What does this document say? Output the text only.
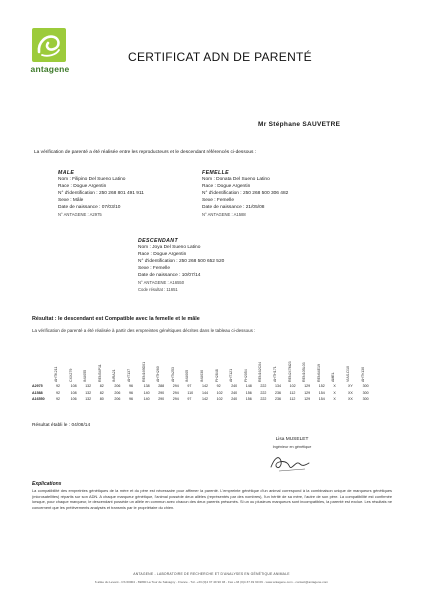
antagene
CERTIFICAT ADN DE PARENTÉ
Mr Stéphane SAUVETRE
La vérification de parenté a été réalisée entre les reproducteurs et le descendant référencés ci-dessous :
MALE
Nom : Filipino Del Sueno Latino
Race : Dogue Argentin
N° d'identification : 250 268 801 491 911
Sexe : Mâle
Date de naissance : 07/03/10
N° ANTAGENE : A2975
FEMELLE
Nom : Donata Del Sueno Latino
Race : Dogue Argentin
N° d'identification : 250 268 500 306 482
Sexe : Femelle
Date de naissance : 21/05/08
N° ANTAGENE : A1588
DESCENDANT
Nom : Joya Del Sueno Latino
Race : Dogue Argentin
N° d'identification : 250 268 500 652 520
Sexe : Femelle
Date de naissance : 10/07/14
N° ANTAGENE : A16550
Code résultat : 11651
Résultat : le descendant est Compatible avec la femelle et le mâle
La vérification de parenté a été réalisée à partir des empreintes génétiques décrites dans le tableau ci-dessous :
AHTK211	CXX279	INU055	REN54P11	INRA21	AHT137	REN169D01	AHTH260	AHTk253	INU005	INU030	FH2848	AHT121	FH2054	REN162C04	AHTH171	REN247M23	REN105L03	REN64E19	AMEL	VIAS-D10	AHTh130
A2975	92	108	132	82	206	96	138	288	294	97	142	92	240	148	222	134	102	129	152	X	XY	300
A1588	92	108	132	82	206	96	140	290	294	110	144	102	240	156	222	236	112	129	154	X	XX	300
A16550	92	106	132	80	206	96	140	290	294	97	142	102	240	156	222	236	112	129	154	X	XX	300
Résultat établi le : 04/08/14
Lisa MUSELET
Ingénieur en génétique
Explications
La compatibilité des empreintes génétiques de la mère et du père est nécessaire pour affirmer la parenté. L'empreinte génétique d'un animal correspond à la combinaison unique de marqueurs génétiques (microsatellites) répartis sur son ADN. A chaque marqueur génétique, l'animal possède deux allèles (représentés par des nombres), l'un hérité de sa mère, l'autre de son père. La compatibilité est confirmée lorsque, pour chaque marqueur, le descendant possède un allèle en commun avec chacun des deux parents présumés. Si un ou plusieurs marqueurs sont incompatibles, la parenté est exclue. Les résultats ne concernent que les prélèvements analysés et transmis par le propriétaire du chien.
ANTAGENE - LABORATOIRE DE RECHERCHE ET D'ANALYSES EN GÉNÉTIQUE ANIMALE
6 allée du Levant - CS 60004 - 69890 La Tour de Salvagny - France - Tél. +33 (0)4 37 49 90 03 - Fax +33 (0)4 37 49 90 09 - www.antagene.com - contact@antagene.com
